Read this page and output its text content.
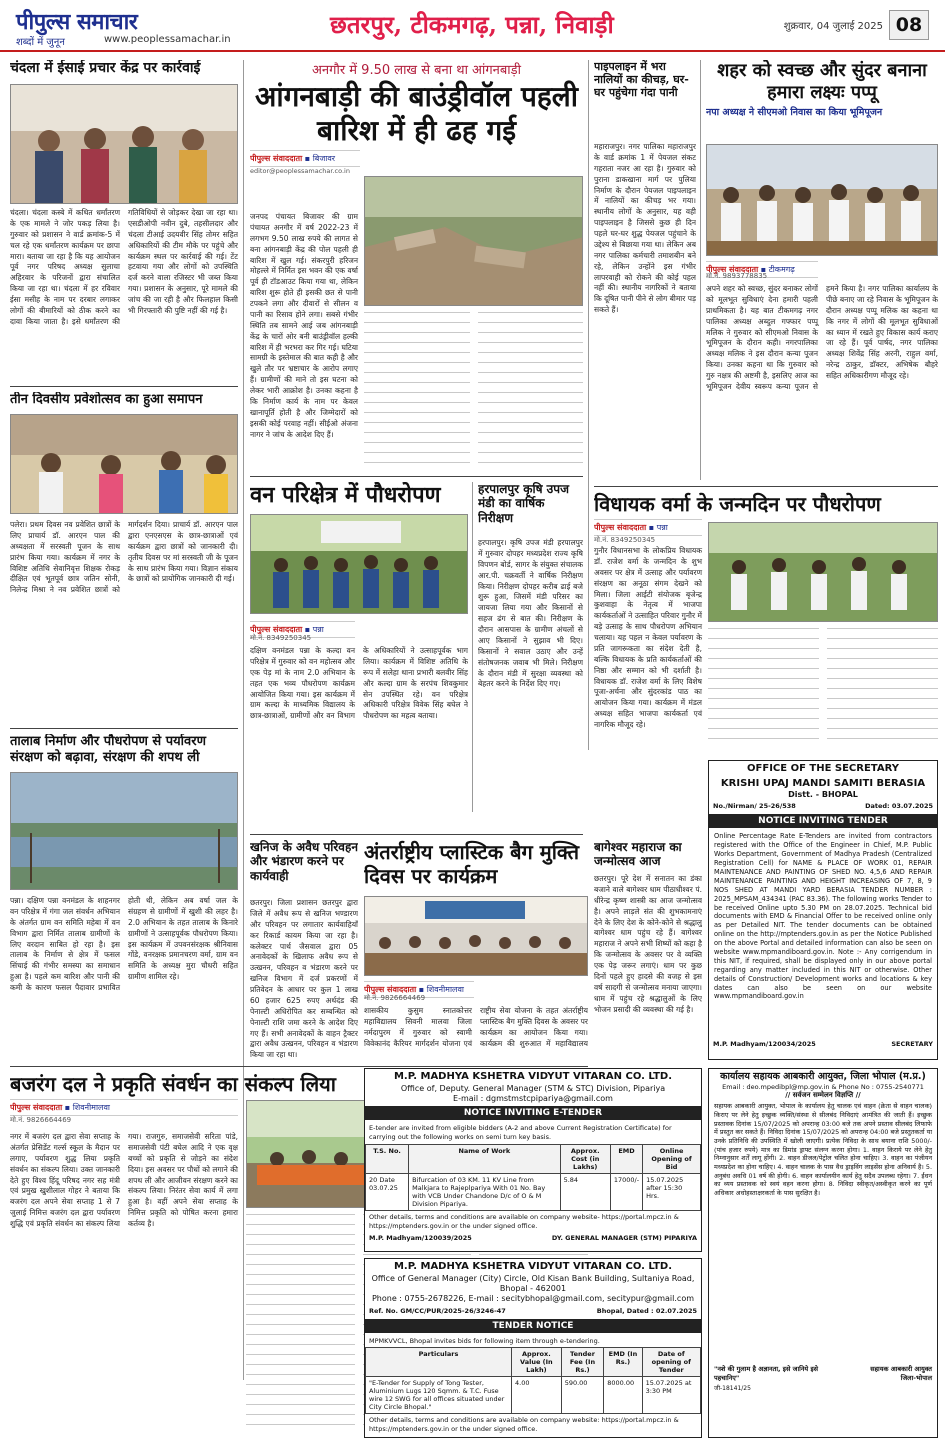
पीपुल्स समाचार
शब्दों में जुनून	www.peoplessamachar.in
छतरपुर, टीकमगढ़, पन्ना, निवाड़ी	शुक्रवार, 04 जुलाई 2025 08
चंदला में ईसाई प्रचार केंद्र पर कार्रवाई
चंदला। चंदला कस्बे में कथित धर्मांतरण के एक मामले ने जोर पकड़ लिया है। गुरुवार को प्रशासन ने वार्ड क्रमांक-5 में चल रहे एक धर्मांतरण कार्यक्रम पर छापा मारा। बताया जा रहा है कि यह आयोजन पूर्व नगर परिषद अध्यक्ष सुलाचा अहिरवार के परिजनों द्वारा संचालित किया जा रहा था। चंदला में हर रविवार ईसा मसीह के नाम पर दरबार लगाकर लोगों की बीमारियों को ठीक करने का दावा किया जाता है। इसे धर्मांतरण की गतिविधियों से जोड़कर देखा जा रहा था। एसडीओपी नवीन दुबे, तहसीलदार और चंदला टीआई उदयवीर सिंह तोमर सहित अधिकारियों की टीम मौके पर पहुंचे और कार्यक्रम स्थल पर कार्रवाई की गई। टेंट हटवाया गया और लोगों को उपस्थिति दर्ज करने वाला रजिस्टर भी जब्त किया गया। प्रशासन के अनुसार, पूरे मामले की जांच की जा रही है और फिलहाल किसी भी गिरफ्तारी की पुष्टि नहीं की गई है।
तीन दिवसीय प्रवेशोत्सव का हुआ समापन
पलेरा। प्रथम दिवस नव प्रवेशित छात्रों के लिए प्राचार्य डॉ. आरएन पाल की अध्यक्षता में सरस्वती पूजन के साथ प्रारंभ किया गया। कार्यक्रम में नगर के विशिष्ट अतिथि सेवानिवृत्त शिक्षक रोकड़ दीक्षित एवं भूतपूर्व छात्र जतिन सोनी, निलेन्द्र मिश्रा ने नव प्रवेशित छात्रों को मार्गदर्शन दिया। प्राचार्य डॉ. आरएन पाल द्वारा एनएसएस के छात्र-छात्राओं एवं कार्यक्रम द्वारा छात्रों को जानकारी दी। तृतीय दिवस पर मां सरस्वती जी के पूजन के साथ प्रारंभ किया गया। विज्ञान संकाय के छात्रों को प्रायोगिक जानकारी दी गई।
तालाब निर्माण और पौधरोपण से पर्यावरण संरक्षण को बढ़ावा, संरक्षण की शपथ ली
पन्ना। दक्षिण पन्ना वनमंडल के शाहनगर वन परिक्षेत्र में गंगा जल संवर्धन अभियान के अंतर्गत ग्राम वन समिति महेबा में वन विभाग द्वारा निर्मित तालाब ग्रामीणों के लिए वरदान साबित हो रहा है। इस तालाब के निर्माण से क्षेत्र में फसल सिंचाई की गंभीर समस्या का समाधान हुआ है। पहले कम बारिश और पानी की कमी के कारण फसल पैदावार प्रभावित होती थी, लेकिन अब वर्षा जल के संग्रहण से ग्रामीणों में खुशी की लहर है। 2.0 अभियान के तहत तालाब के किनारे ग्रामीणों ने उत्साहपूर्वक पौधरोपण किया। इस कार्यक्रम में उपवनसंरक्षक श्रीनिवास गोंडे, वनरक्षक प्रमानचरण वर्मा, ग्राम वन समिति के अध्यक्ष मुरा चौधरी सहित ग्रामीण शामिल रहे।
बजरंग दल ने प्रकृति संवर्धन का संकल्प लिया
पीपुल्स संवाददाता ▪ शिवनीमालवा
मो.नं. 9826664469
नगर में बजरंग दल द्वारा सेवा सप्ताह के अंतर्गत प्रेसिडेंट गर्ल्स स्कूल के मैदान पर लगाए, पर्यावरण शुद्ध लिया प्रकृति संवर्धन का संकल्प लिया। उक्त जानकारी देते हुए विश्व हिंदू परिषद नगर सह मंत्री एवं प्रमुख खुशीलाल गोहर ने बताया कि बजरंग दल अपने सेवा सप्ताह 1 से 7 जुलाई निमित्त बजरंग दल द्वारा पर्यावरण शुद्धि एवं प्रकृति संवर्धन का संकल्प लिया गया। राजगुरु, समाजसेवी सरिता पांडे, समाजसेवी पंटी बघेल आदि ने एक वृक्ष बच्चों को प्रकृति से जोड़ने का संदेश दिया। इस अवसर पर पौधों को लगाने की शपथ ली और आजीवन संरक्षण करने का संकल्प लिया। निरंतर सेवा कार्य में लगा हुआ है। वहीं अपने सेवा सप्ताह के निमित्त प्रकृति को पोषित करना हमारा कर्तव्य है।
अनगौर में 9.50 लाख से बना था आंगनबाड़ी
आंगनबाड़ी की बाउंड्रीवॉल पहली बारिश में ही ढह गई
पीपुल्स संवाददाता ▪ बिजावर
editor@peoplessamachar.co.in
जनपद पंचायत बिजावर की ग्राम पंचायत अनगौर में वर्ष 2022-23 में लगभग 9.50 लाख रुपये की लागत से बना आंगनबाड़ी केंद्र की पोल पहली ही बारिश में खुल गई। संकरपुरी हरिजन मोहल्ले में निर्मित इस भवन की एक वर्षा पूर्व ही टॉडआउट किया गया था, लेकिन बारिश शुरू होते ही इसकी छत से पानी टपकने लगा और दीवारों से सीलन व पानी का रिसाव होने लगा। सबसे गंभीर स्थिति तब सामने आई जब आंगनबाड़ी केंद्र के चारों ओर बनी बाउंड्रीवॉल हल्की बारिश में ही भरभरा कर गिर गई। घटिया सामग्री के इस्तेमाल की बात कही है और खुले तौर पर भ्रष्टाचार के आरोप लगाए हैं। ग्रामीणों की माने तो इस घटना को लेकर भारी आक्रोश है। उनका कहना है कि निर्माण कार्य के नाम पर केवल खानापूर्ति होती है और जिम्मेदारों को इसकी कोई परवाह नहीं। सीईओ अंजना नागर ने जांच के आदेश दिए हैं।
वन परिक्षेत्र में पौधरोपण
पीपुल्स संवाददाता ▪ पन्ना
मो.नं. 8349250345
दक्षिण वनमंडल पन्ना के कल्दा वन परिक्षेत्र में गुरुवार को वन महोत्सव और एक पेड़ मां के नाम 2.0 अभियान के तहत एक भव्य पौधरोपण कार्यक्रम आयोजित किया गया। इस कार्यक्रम में ग्राम कल्दा के माध्यमिक विद्यालय के छात्र-छात्राओं, ग्रामीणों और वन विभाग के अधिकारियों ने उत्साहपूर्वक भाग लिया। कार्यक्रम में विशिष्ट अतिथि के रूप में सलेहा थाना प्रभारी बलवीर सिंह और कल्दा ग्राम के सरपंच शिवकुमार सेन उपस्थित रहे। वन परिक्षेत्र अधिकारी परिक्षेत्र विवेक सिंह बघेल ने पौधरोपण का महत्व बताया।
हरपालपुर कृषि उपज मंडी का वार्षिक निरीक्षण
हरपालपुर। कृषि उपज मंडी हरपालपुर में गुरुवार दोपहर मध्यप्रदेश राज्य कृषि विपणन बोर्ड, सागर के संयुक्त संचालक आर.पी. चक्रवर्ती ने वार्षिक निरीक्षण किया। निरीक्षण दोपहर करीब ढाई बजे शुरू हुआ, जिसमें मंडी परिसर का जायजा लिया गया और किसानों से सहज ढंग से बात की। निरीक्षण के दौरान आसपास के ग्रामीण अंचलों से आए किसानों ने सुझाव भी दिए। किसानों ने सवाल उठाए और उन्हें संतोषजनक जवाब भी मिले। निरीक्षण के दौरान मंडी में सुरक्षा व्यवस्था को बेहतर करने के निर्देश दिए गए।
खनिज के अवैध परिवहन और भंडारण करने पर कार्यवाही
छतरपुर। जिला प्रशासन छतरपुर द्वारा जिले में अवैध रूप से खनिज भण्डारण और परिवहन पर लगातार कार्यवाहियाँ कर रिकार्ड कायम किया जा रहा है। कलेक्टर पार्थ जैसवाल द्वारा 05 अनावेदकों के खिलाफ अवैध रूप से उत्खनन, परिवहन व भंडारण करने पर खनिज विभाग में दर्ज प्रकरणों में प्रतिवेदन के आधार पर कुल 1 लाख 60 हजार 625 रुपए अर्थदंड की पेनाल्टी अधिरोपित कर सम्बन्धित को पेनाल्टी राशि जमा करने के आदेश दिए गए हैं। सभी अनावेदकों के वाहन ट्रैक्टर द्वारा अवैध उत्खनन, परिवहन व भंडारण किया जा रहा था।
अंतर्राष्ट्रीय प्लास्टिक बैग मुक्ति दिवस पर कार्यक्रम
पीपुल्स संवाददाता ▪ शिवनीमालवा
मो.नं. 9826664469
शासकीय कुसुम स्नातकोत्तर महाविद्यालय सिवनी मालवा जिला नर्मदापुरम में गुरुवार को स्वामी विवेकानंद कैरियर मार्गदर्शन योजना एवं राष्ट्रीय सेवा योजना के तहत अंतर्राष्ट्रीय प्लास्टिक बैग मुक्ति दिवस के अवसर पर कार्यक्रम का आयोजन किया गया। कार्यक्रम की शुरुआत में महाविद्यालय
पाइपलाइन में भरा नालियों का कीचड़, घर-घर पहुंचेगा गंदा पानी
महाराजपुर। नगर पालिका महाराजपुर के वार्ड क्रमांक 1 में पेयजल संकट गहराता नजर आ रहा है। गुरुवार को पुराना डाकखाना मार्ग पर पुलिया निर्माण के दौरान पेयजल पाइपलाइन में नालियों का कीचड़ भर गया। स्थानीय लोगों के अनुसार, यह वही पाइपलाइन है जिससे कुछ ही दिन पहले घर-घर शुद्ध पेयजल पहुंचाने के उद्देश्य से बिछाया गया था। लेकिन अब नगर पालिका कर्मचारी तमाशबीन बने रहे, लेकिन उन्होंने इस गंभीर लापरवाही को रोकने की कोई पहल नहीं की। स्थानीय नागरिकों ने बताया कि दूषित पानी पीने से लोग बीमार पड़ सकते हैं।
बागेश्वर महाराज का जन्मोत्सव आज
छतरपुर। पूरे देश में सनातन का डंका बजाने वाले बागेश्वर धाम पीठाधीश्वर पं. धीरेन्द्र कृष्ण शास्त्री का आज जन्मोत्सव है। अपने लाड़ले संत की शुभकामनाएं देने के लिए देश के कोने-कोने से श्रद्धालु बागेश्वर धाम पहुंच रहे हैं। बागेश्वर महाराज ने अपने सभी शिष्यों को कहा है कि जन्मोत्सव के अवसर पर वे व्यक्ति एक पेड़ जरूर लगाएं। धाम पर कुछ दिनों पहले हुए हादसे की वजह से इस वर्ष सादगी से जन्मोत्सव मनाया जाएगा। धाम में पहुंच रहे श्रद्धालुओं के लिए भोजन प्रसादी की व्यवस्था की गई है।
शहर को स्वच्छ और सुंदर बनाना हमारा लक्ष्यः पप्पू
नपा अध्यक्ष ने सीएमओ निवास का किया भूमिपूजन
पीपुल्स संवाददाता ▪ टीकमगढ़
मो.नं. 9893778835
अपने शहर को स्वच्छ, सुंदर बनाकर लोगों को मूलभूत सुविधाएं देना हमारी पहली प्राथमिकता है। यह बात टीकमगढ़ नगर पालिका अध्यक्ष अब्दुल गफ्फार पप्पू मलिक ने गुरुवार को सीएमओ निवास के भूमिपूजन के दौरान कही। नगरपालिका अध्यक्ष मलिक ने इस दौरान कन्या पूजन किया। उनका कहना था कि गुरुवार को गुरु नक्षत्र की अष्टमी है, इसलिए आज का भूमिपूजन देवीय स्वरूप कन्या पूजन से हमने किया है। नगर पालिका कार्यालय के पीछे बनाए जा रहे निवास के भूमिपूजन के दौरान अध्यक्ष पप्पू मलिक का कहना था कि नगर में लोगों की मूलभूत सुविधाओं का ध्यान में रखते हुए विकास कार्य कराए जा रहे हैं। पूर्व पार्षद, नगर पालिका अध्यक्ष शिवेंद्र सिंह अरनी, राहुल वर्मा, नरेन्द्र ठाकुर, डॉक्टर, अभिषेक बौहरे सहित अधिकारीगण मौजूद रहे।
विधायक वर्मा के जन्मदिन पर पौधरोपण
पीपुल्स संवाददाता ▪ पन्ना
मो.नं. 8349250345
गुनौर विधानसभा के लोकप्रिय विधायक डॉ. राजेश वर्मा के जन्मदिन के शुभ अवसर पर क्षेत्र में उत्साह और पर्यावरण संरक्षण का अनूठा संगम देखने को मिला। जिला आईटी संयोजक बृजेन्द्र कुशवाहा के नेतृत्व में भाजपा कार्यकर्ताओं ने उत्साहित परिवार गुनौर में बड़े उत्साह के साथ पौधरोपण अभियान चलाया। यह पहल न केवल पर्यावरण के प्रति जागरूकता का संदेश देती है, बल्कि विधायक के प्रति कार्यकर्ताओं की निष्ठा और सम्मान को भी दर्शाती है। विधायक डॉ. राजेश वर्मा के लिए विशेष पूजा-अर्चना और सुंदरकांड पाठ का आयोजन किया गया। कार्यक्रम में मंडल अध्यक्ष सहित भाजपा कार्यकर्ता एवं नागरिक मौजूद रहे।
OFFICE OF THE SECRETARY
KRISHI UPAJ MANDI SAMITI BERASIA
Distt. - BHOPAL
No./Nirman/ 25-26/538	Dated: 03.07.2025
NOTICE INVITING TENDER
Online Percentage Rate E-Tenders are invited from contractors registered with the Office of the Engineer in Chief, M.P. Public Works Department, Government of Madhya Pradesh (Centralized Registration Cell) for NAME & PLACE OF WORK 01, REPAIR MAINTENANCE AND PAINTING OF SHED NO. 4,5,6 AND REPAIR MAINTENANCE PAINTING AND HEIGHT INCREASING OF 7, 8, 9 NOS SHED AT MANDI YARD BERASIA TENDER NUMBER : 2025_MPSAM_434341 (PAC 83.36). The following works Tender to be received Online upto 5.30 PM on 28.07.2025. Technical bid documents with EMD & Financial Offer to be received online only as per Detailed NIT. The tender documents can be obtained online on the http://mptenders.gov.in as per the Notice Published on the above Portal and detailed information can also be seen on website www.mpmandiboard.gov.in. Note :- Any corrigendum in this NIT, if required, shall be displayed only in our above portal regarding any matter included in this NIT or otherwise. Other details of Construction/ Development works and locations & key dates can also be seen on our website www.mpmandiboard.gov.in
M.P. Madhyam/120034/2025	SECRETARY
M.P. MADHYA KSHETRA VIDYUT VITARAN CO. LTD.
Office of, Deputy. General Manager (STM & STC) Division, Pipariya
E-mail : dgmstmstcpipariya@gmail.com
NOTICE INVITING E-TENDER
E-tender are invited from eligible bidders (A-2 and above Current Registration Certificate) for carrying out the following works on semi turn key basis.
T.S. No.	Name of Work	Approx. Cost (in Lakhs)	EMD	Online Opening of Bid
20 Date 03.07.25	Bifurcation of 03 KM. 11 KV Line from Malkjara to Rajeplpariya With 01 No. Bay with VCB Under Chandone D/c of O & M Division Pipariya.	5.84	17000/-	15.07.2025 after 15:30 Hrs.
Other details, terms and conditions are available on company website- https://portal.mpcz.in & https://mptenders.gov.in or the under signed office.
M.P. Madhyam/120039/2025	DY. GENERAL MANAGER (STM) PIPARIYA
M.P. MADHYA KSHETRA VIDYUT VITARAN CO. LTD.
Office of General Manager (City) Circle, Old Kisan Bank Building, Sultaniya Road, Bhopal - 462001
Phone : 0755-2678226, E-mail : secitybhopal@gmail.com, secitypur@gmail.com
Ref. No. GM/CC/PUR/2025-26/3246-47	Bhopal, Dated : 02.07.2025
TENDER NOTICE
MPMKVVCL, Bhopal invites bids for following item through e-tendering.
Particulars	Approx. Value (In Lakh)	Tender Fee (In Rs.)	EMD (In Rs.)	Date of opening of Tender
"E-Tender for Supply of Tong Tester, Aluminium Lugs 120 Sqmm. & T.C. Fuse wire 12 SWG for all offices situated under City Circle Bhopal."	4.00	590.00	8000.00	15.07.2025 at 3:30 PM
Other details, terms and conditions are available on company website: https://portal.mpcz.in & https://mptenders.gov.in or the under signed office.
कार्यालय सहायक आबकारी आयुक्त, जिला भोपाल (म.प्र.)
Email : deo.mpedibpl@mp.gov.in & Phone No : 0755-2540771
// सर्वजन सम्मेलन विज्ञप्ति //
सहायक आबकारी आयुक्त, भोपाल के कार्यालय हेतु चालक एवं वाहन (क्रेता से वाहन चालक) किराए पर लेने हेतु इच्छुक व्यक्ति/संस्था से सीलबंद निविदाएं आमंत्रित की जाती हैं। इच्छुक प्रस्तावक दिनांक 15/07/2025 को अपरान्ह 03:00 बजे तक अपने प्रस्ताव सीलबंद लिफाफे में प्रस्तुत कर सकते हैं। निविदा दिनांक 15/07/2025 को अपरान्ह 04:00 बजे प्रस्तुतकर्ता या उनके प्रतिनिधि की उपस्थिति में खोली जाएगी। प्रत्येक निविदा के साथ बयाना राशि 5000/- (पांच हजार रुपये) मात्र का डिमांड ड्राफ्ट संलग्न करना होगा। 1. वाहन किराये पर लेने हेतु निम्नानुसार शर्तें लागू होंगी। 2. वाहन डीजल/पेट्रोल चलित होना चाहिए। 3. वाहन का पंजीयन मध्यप्रदेश का होना चाहिए। 4. वाहन चालक के पास वैध ड्राइविंग लाइसेंस होना अनिवार्य है। 5. अनुबंध अवधि 01 वर्ष की होगी। 6. वाहन कार्यालयीन कार्य हेतु सदैव उपलब्ध रहेगा। 7. ईंधन का व्यय प्रस्तावक को स्वयं वहन करना होगा। 8. निविदा स्वीकृत/अस्वीकृत करने का पूर्ण अधिकार अधोहस्ताक्षरकर्ता के पास सुरक्षित है।
"नशे की गुलाम है अज्ञानता, इसे जानिये इसे पहचानिए"
सहायक आबकारी आयुक्त
जिला-भोपाल
जी-18141/25
